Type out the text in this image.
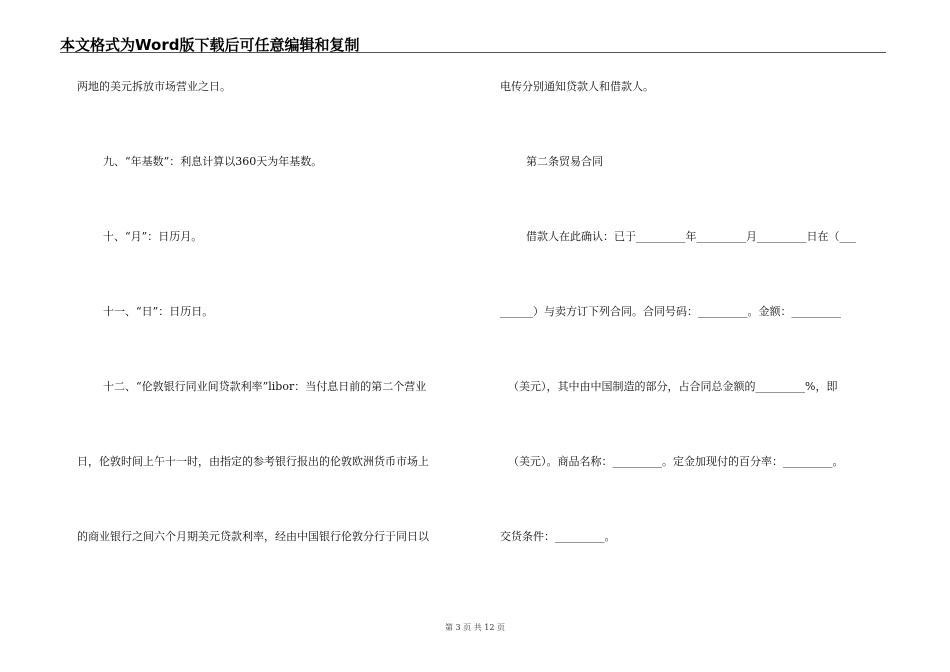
本文格式为Word版下载后可任意编辑和复制
两地的美元拆放市场营业之日。
九、“年基数”：利息计算以360天为年基数。
十、“月”：日历月。
十一、“日”：日历日。
十二、“伦敦银行同业间贷款利率”libor：当付息日前的第二个营业
日，伦敦时间上午十一时，由指定的参考银行报出的伦敦欧洲货币市场上
的商业银行之间六个月期美元贷款利率，经由中国银行伦敦分行于同日以
电传分别通知贷款人和借款人。
第二条贸易合同
借款人在此确认：已于_________年_________月_________日在（___
______）与卖方订下列合同。合同号码：_________。金额：_________
（美元），其中由中国制造的部分，占合同总金额的_________%，即
（美元）。商品名称：_________。定金加现付的百分率：_________。
交货条件：_________。
第 3 页 共 12 页
